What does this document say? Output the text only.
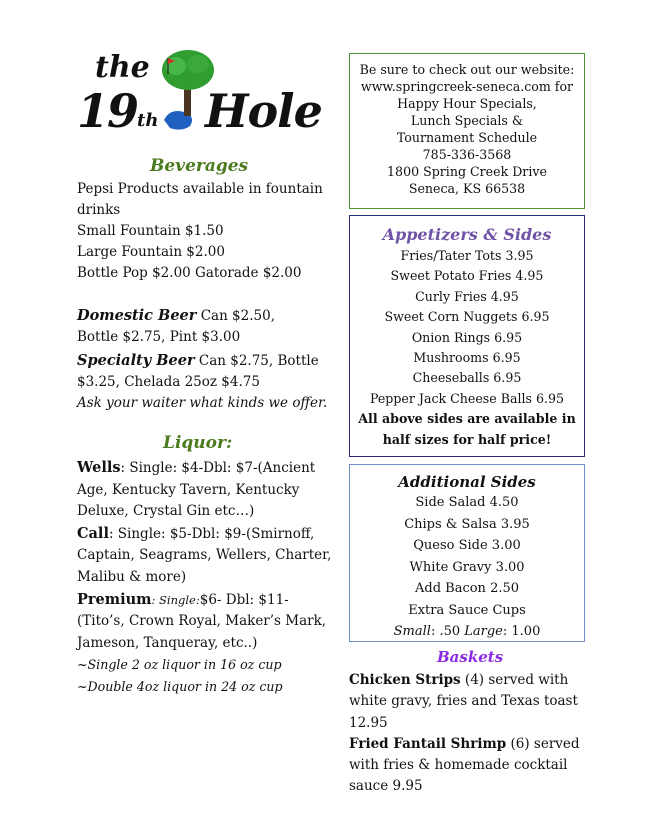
the
19 th Hole
Beverages
Pepsi Products available in fountain
drinks
Small Fountain $1.50
Large Fountain $2.00
Bottle Pop $2.00 Gatorade $2.00
Domestic Beer Can $2.50,
Bottle $2.75, Pint $3.00
Specialty Beer Can $2.75, Bottle
$3.25, Chelada 25oz $4.75
Ask your waiter what kinds we offer.
Liquor:
Wells: Single: $4-Dbl: $7-(Ancient
Age, Kentucky Tavern, Kentucky
Deluxe, Crystal Gin etc…)
Call: Single: $5-Dbl: $9-(Smirnoff,
Captain, Seagrams, Wellers, Charter,
Malibu & more)
Premium: Single:$6- Dbl: $11-
(Tito’s, Crown Royal, Maker’s Mark,
Jameson, Tanqueray, etc..)
~Single 2 oz liquor in 16 oz cup
~Double 4oz liquor in 24 oz cup
Be sure to check out our website:
www.springcreek-seneca.com for
Happy Hour Specials,
Lunch Specials &
Tournament Schedule
785-336-3568
1800 Spring Creek Drive
Seneca, KS 66538
Appetizers & Sides
Fries/Tater Tots 3.95
Sweet Potato Fries 4.95
Curly Fries 4.95
Sweet Corn Nuggets 6.95
Onion Rings 6.95
Mushrooms 6.95
Cheeseballs 6.95
Pepper Jack Cheese Balls 6.95
All above sides are available in
half sizes for half price!
Additional Sides
Side Salad 4.50
Chips & Salsa 3.95
Queso Side 3.00
White Gravy 3.00
Add Bacon 2.50
Extra Sauce Cups
Small: .50 Large: 1.00
Baskets
Chicken Strips (4) served with
white gravy, fries and Texas toast
12.95
Fried Fantail Shrimp (6) served
with fries & homemade cocktail
sauce 9.95
